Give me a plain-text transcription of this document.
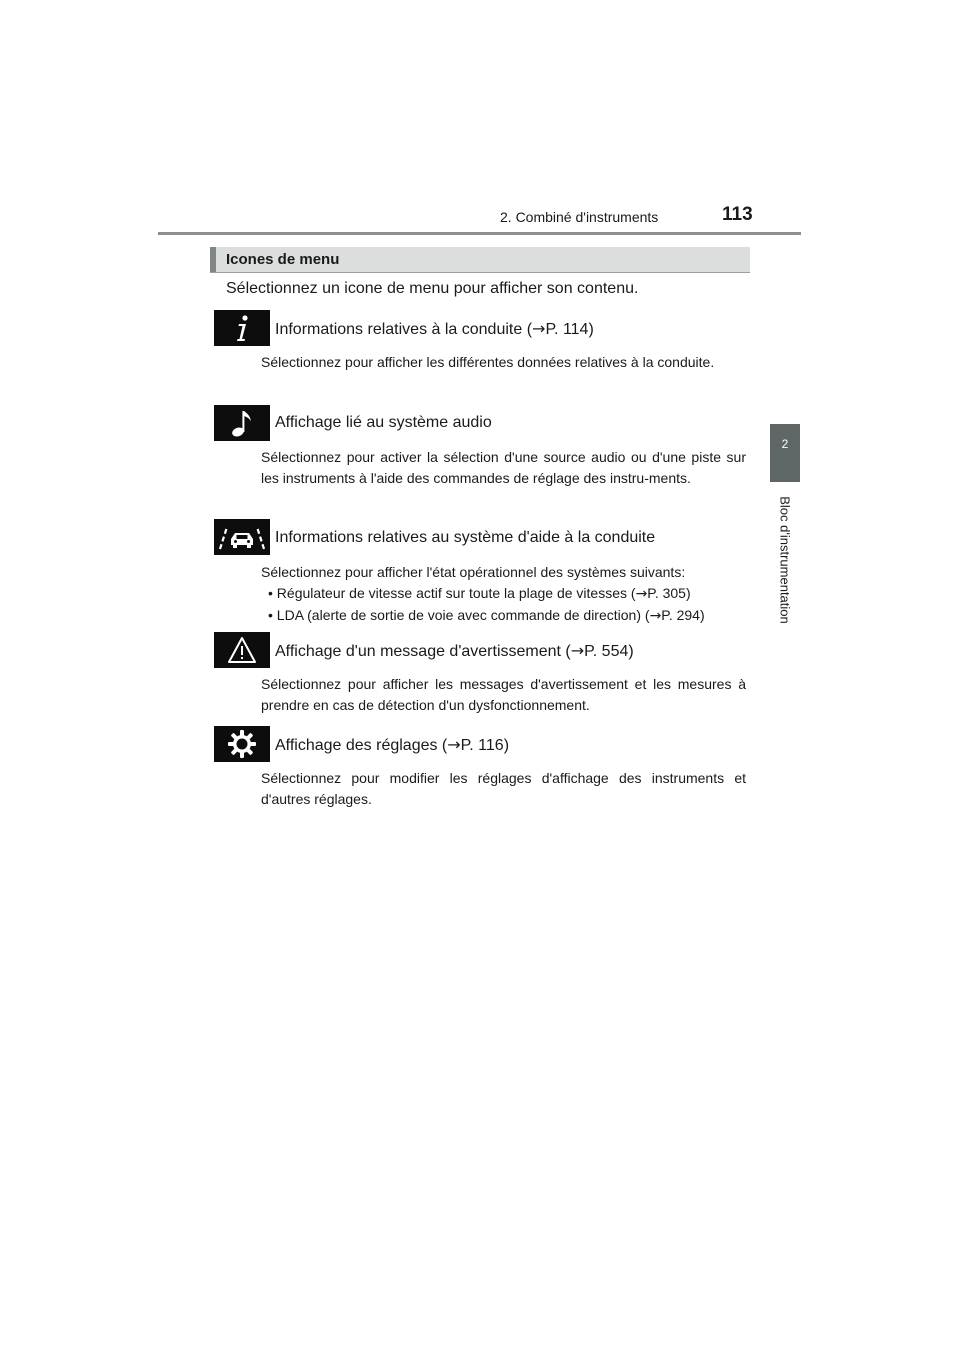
2. Combiné d'instruments	113
2
Bloc d'instrumentation
Icones de menu
Sélectionnez un icone de menu pour afficher son contenu.
Informations relatives à la conduite (→P. 114)
Sélectionnez pour afficher les différentes données relatives à la conduite.
Affichage lié au système audio
Sélectionnez pour activer la sélection d'une source audio ou d'une piste sur les instruments à l'aide des commandes de réglage des instru-ments.
Informations relatives au système d'aide à la conduite
Sélectionnez pour afficher l'état opérationnel des systèmes suivants:
• Régulateur de vitesse actif sur toute la plage de vitesses (→P. 305)
• LDA (alerte de sortie de voie avec commande de direction) (→P. 294)
Affichage d'un message d'avertissement (→P. 554)
Sélectionnez pour afficher les messages d'avertissement et les mesures à prendre en cas de détection d'un dysfonctionnement.
Affichage des réglages (→P. 116)
Sélectionnez pour modifier les réglages d'affichage des instruments et d'autres réglages.
